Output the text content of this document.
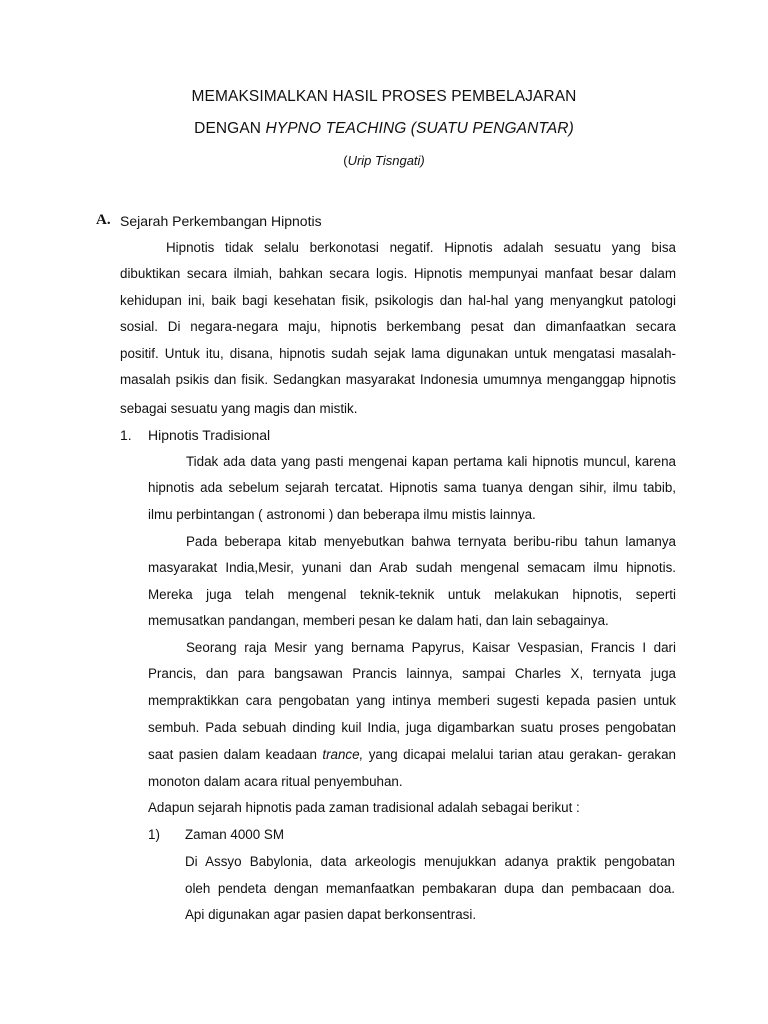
MEMAKSIMALKAN HASIL PROSES PEMBELAJARAN
DENGAN HYPNO TEACHING (SUATU PENGANTAR)
(Urip Tisngati)
A. Sejarah Perkembangan Hipnotis
Hipnotis tidak selalu berkonotasi negatif. Hipnotis adalah sesuatu yang bisa
dibuktikan secara ilmiah, bahkan secara logis. Hipnotis mempunyai manfaat besar dalam
kehidupan ini, baik bagi kesehatan fisik, psikologis dan hal-hal yang menyangkut patologi
sosial. Di negara-negara maju, hipnotis berkembang pesat dan dimanfaatkan secara
positif. Untuk itu, disana, hipnotis sudah sejak lama digunakan untuk mengatasi masalah-
masalah psikis dan fisik. Sedangkan masyarakat Indonesia umumnya menganggap hipnotis
sebagai sesuatu yang magis dan mistik.
1. Hipnotis Tradisional
Tidak ada data yang pasti mengenai kapan pertama kali hipnotis muncul, karena
hipnotis ada sebelum sejarah tercatat. Hipnotis sama tuanya dengan sihir, ilmu tabib,
ilmu perbintangan ( astronomi ) dan beberapa ilmu mistis lainnya.
Pada beberapa kitab menyebutkan bahwa ternyata beribu-ribu tahun lamanya
masyarakat India,Mesir, yunani dan Arab sudah mengenal semacam ilmu hipnotis.
Mereka juga telah mengenal teknik-teknik untuk melakukan hipnotis, seperti
memusatkan pandangan, memberi pesan ke dalam hati, dan lain sebagainya.
Seorang raja Mesir yang bernama Papyrus, Kaisar Vespasian, Francis I dari
Prancis, dan para bangsawan Prancis lainnya, sampai Charles X, ternyata juga
mempraktikkan cara pengobatan yang intinya memberi sugesti kepada pasien untuk
sembuh. Pada sebuah dinding kuil India, juga digambarkan suatu proses pengobatan
saat pasien dalam keadaan trance, yang dicapai melalui tarian atau gerakan- gerakan
monoton dalam acara ritual penyembuhan.
Adapun sejarah hipnotis pada zaman tradisional adalah sebagai berikut :
1) Zaman 4000 SM
Di Assyo Babylonia, data arkeologis menujukkan adanya praktik pengobatan
oleh pendeta dengan memanfaatkan pembakaran dupa dan pembacaan doa.
Api digunakan agar pasien dapat berkonsentrasi.
